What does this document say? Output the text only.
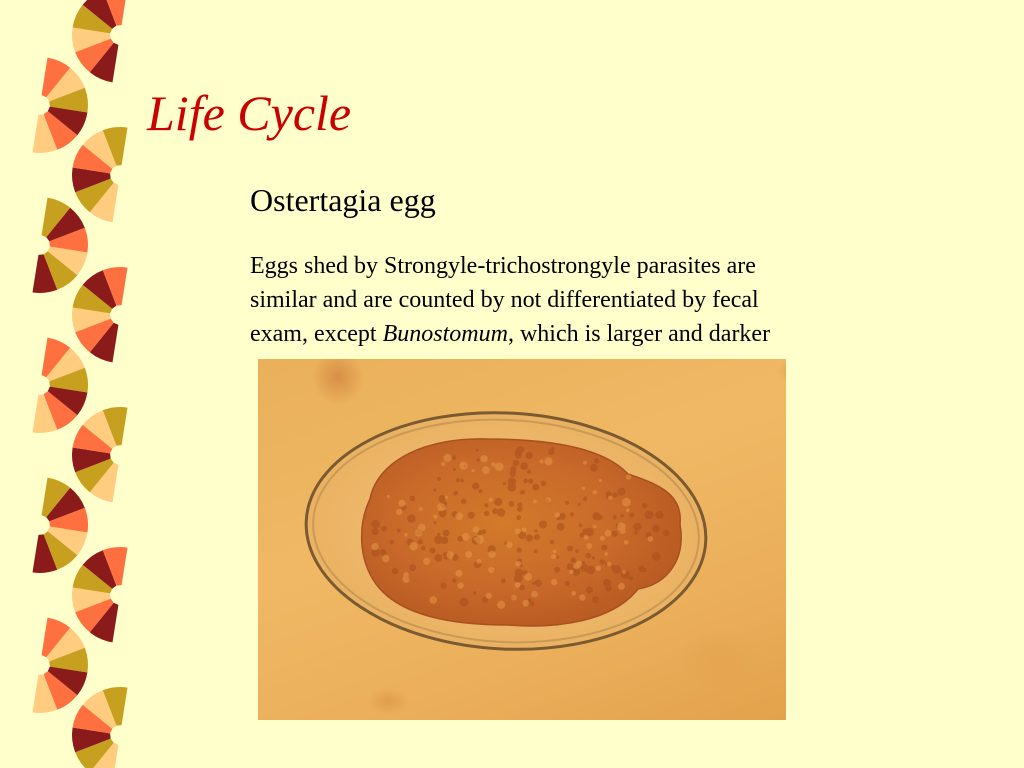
Life Cycle
Ostertagia egg
Eggs shed by Strongyle-trichostrongyle parasites are
similar and are counted by not differentiated by fecal
exam, except Bunostomum, which is larger and darker
